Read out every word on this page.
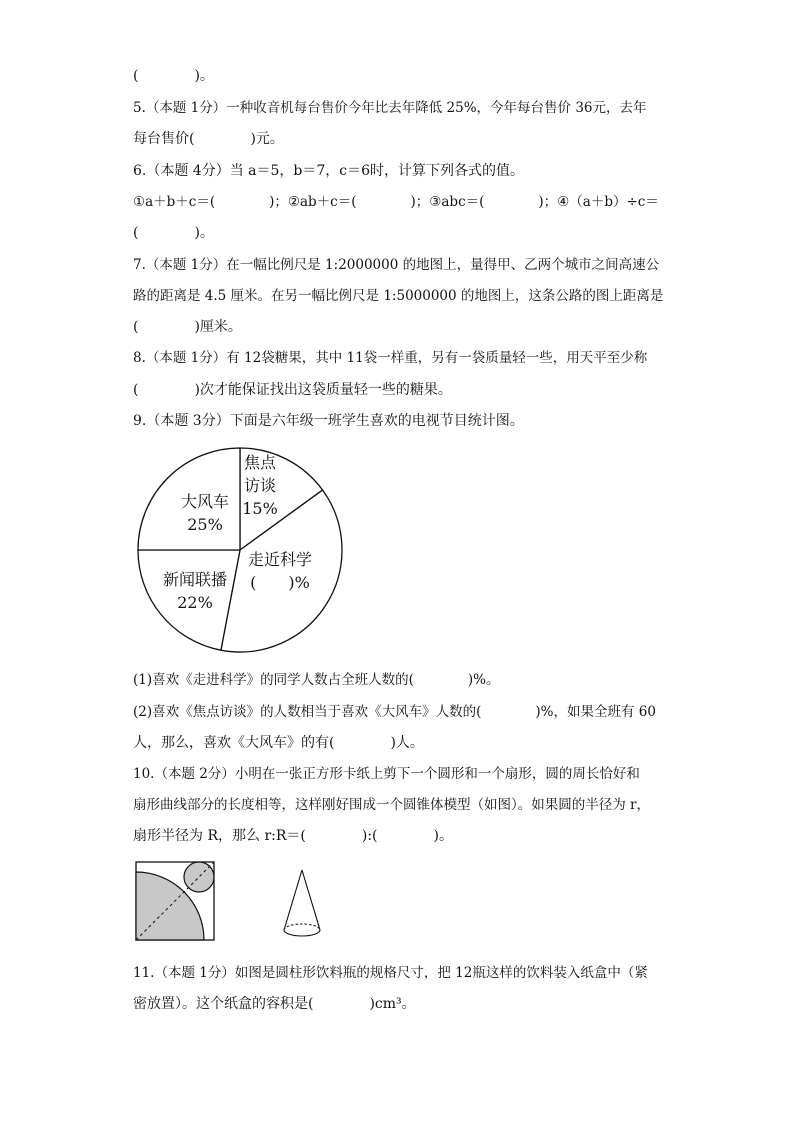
(　　　　)。
5.（本题 1分）一种收音机每台售价今年比去年降低 25%，今年每台售价 36元，去年
每台售价(　　　　)元。
6.（本题 4分）当 a＝5，b＝7，c＝6时，计算下列各式的值。
①a＋b＋c＝(　　　　)；②ab＋c＝(　　　　)；③abc＝(　　　　)；④（a＋b）÷c＝
(　　　　)。
7.（本题 1分）在一幅比例尺是 1:2000000 的地图上，量得甲、乙两个城市之间高速公
路的距离是 4.5 厘米。在另一幅比例尺是 1:5000000 的地图上，这条公路的图上距离是
(　　　　)厘米。
8.（本题 1分）有 12袋糖果，其中 11袋一样重，另有一袋质量轻一些，用天平至少称
(　　　　)次才能保证找出这袋质量轻一些的糖果。
9.（本题 3分）下面是六年级一班学生喜欢的电视节目统计图。
焦点
访谈
15%
走近科学
(　　)%
新闻联播
22%
大风车
25%
(1)喜欢《走进科学》的同学人数占全班人数的(　　　　)%。
(2)喜欢《焦点访谈》的人数相当于喜欢《大风车》人数的(　　　　)%，如果全班有 60
人，那么，喜欢《大风车》的有(　　　　)人。
10.（本题 2分）小明在一张正方形卡纸上剪下一个圆形和一个扇形，圆的周长恰好和
扇形曲线部分的长度相等，这样刚好围成一个圆锥体模型（如图）。如果圆的半径为 r，
扇形半径为 R，那么 r:R＝(　　　　):(　　　　)。
11.（本题 1分）如图是圆柱形饮料瓶的规格尺寸，把 12瓶这样的饮料装入纸盒中（紧
密放置）。这个纸盒的容积是(　　　　)cm³。
